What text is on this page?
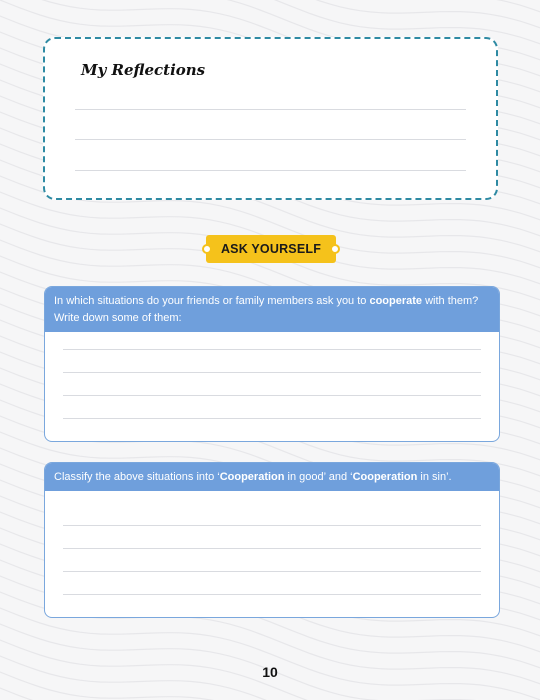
My Reflections
ASK YOURSELF
In which situations do your friends or family members ask you to cooperate with them? Write down some of them:
Classify the above situations into ‘Cooperation in good’ and ‘Cooperation in sin’.
10
